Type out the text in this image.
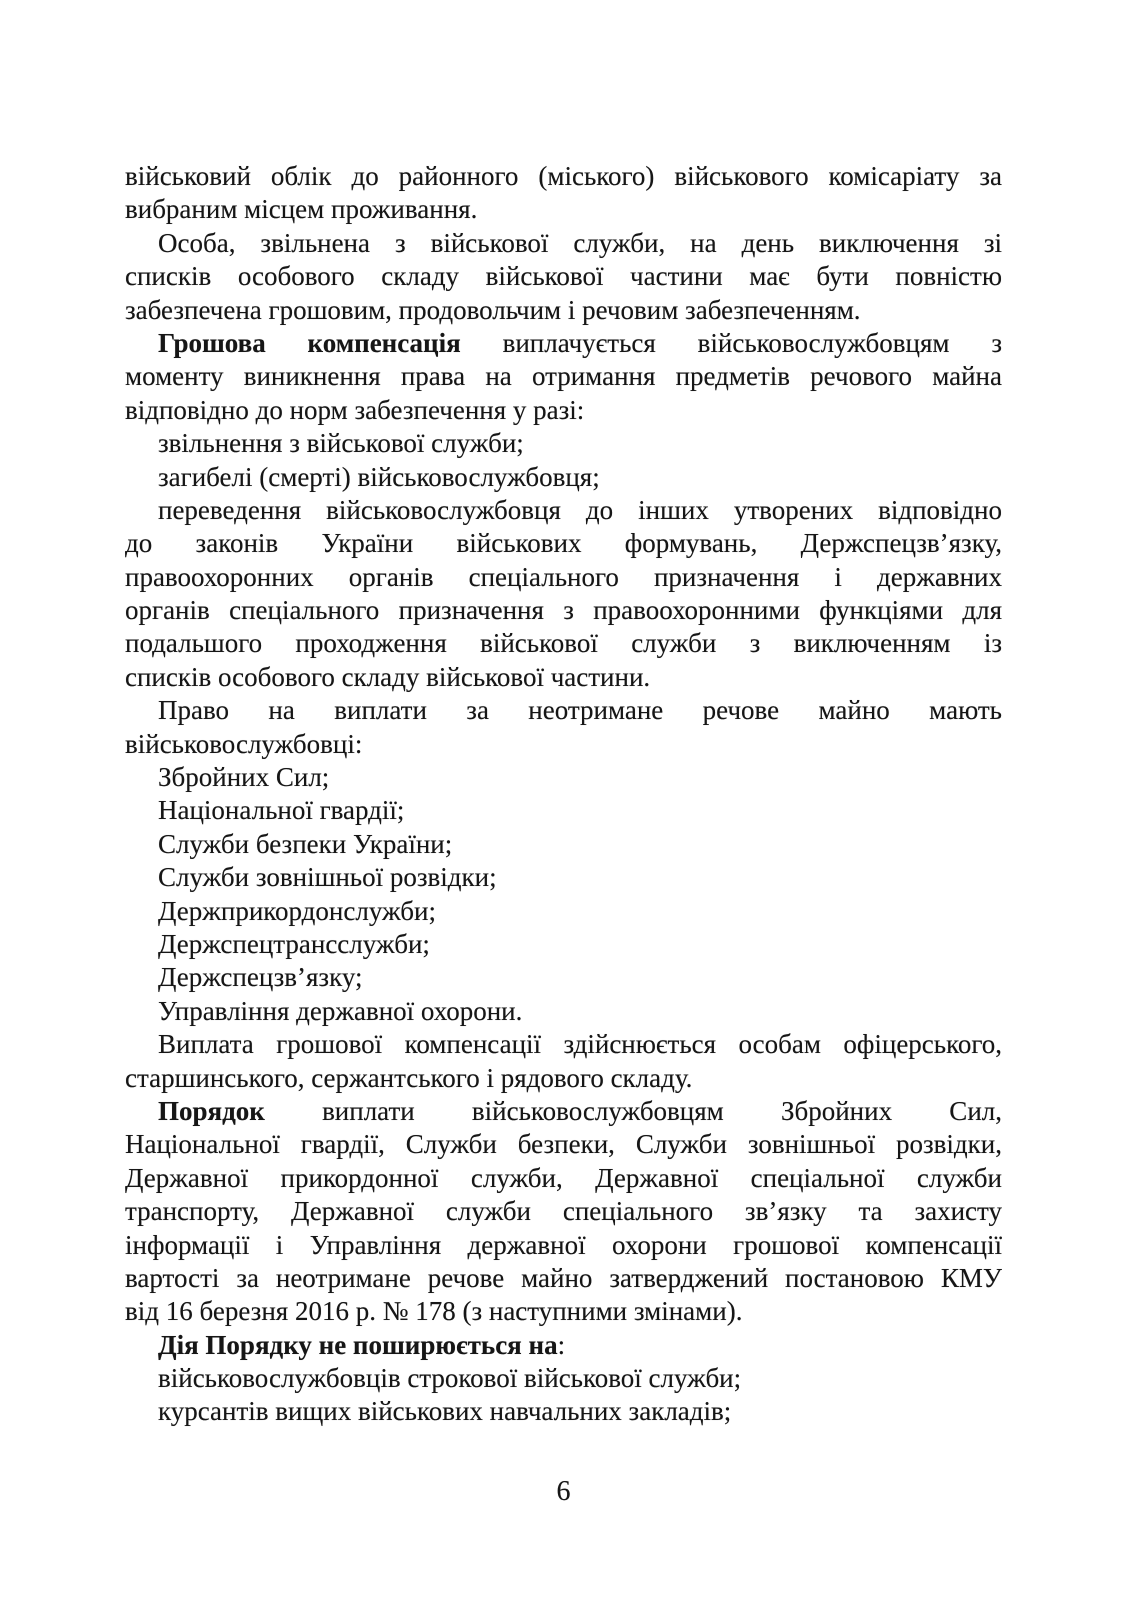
військовий облік до районного (міського) військового комісаріату за
вибраним місцем проживання.
Особа, звільнена з військової служби, на день виключення зі
списків особового складу військової частини має бути повністю
забезпечена грошовим, продовольчим і речовим забезпеченням.
Грошова компенсація виплачується військовослужбовцям з
моменту виникнення права на отримання предметів речового майна
відповідно до норм забезпечення у разі:
звільнення з військової служби;
загибелі (смерті) військовослужбовця;
переведення військовослужбовця до інших утворених відповідно
до законів України військових формувань, Держспецзв’язку,
правоохоронних органів спеціального призначення і державних
органів спеціального призначення з правоохоронними функціями для
подальшого проходження військової служби з виключенням із
списків особового складу військової частини.
Право на виплати за неотримане речове майно мають
військовослужбовці:
Збройних Сил;
Національної гвардії;
Служби безпеки України;
Служби зовнішньої розвідки;
Держприкордонслужби;
Держспецтрансслужби;
Держспецзв’язку;
Управління державної охорони.
Виплата грошової компенсації здійснюється особам офіцерського,
старшинського, сержантського і рядового складу.
Порядок виплати військовослужбовцям Збройних Сил,
Національної гвардії, Служби безпеки, Служби зовнішньої розвідки,
Державної прикордонної служби, Державної спеціальної служби
транспорту, Державної служби спеціального зв’язку та захисту
інформації і Управління державної охорони грошової компенсації
вартості за неотримане речове майно затверджений постановою КМУ
від 16 березня 2016 р. № 178 (з наступними змінами).
Дія Порядку не поширюється на:
військовослужбовців строкової військової служби;
курсантів вищих військових навчальних закладів;
6
